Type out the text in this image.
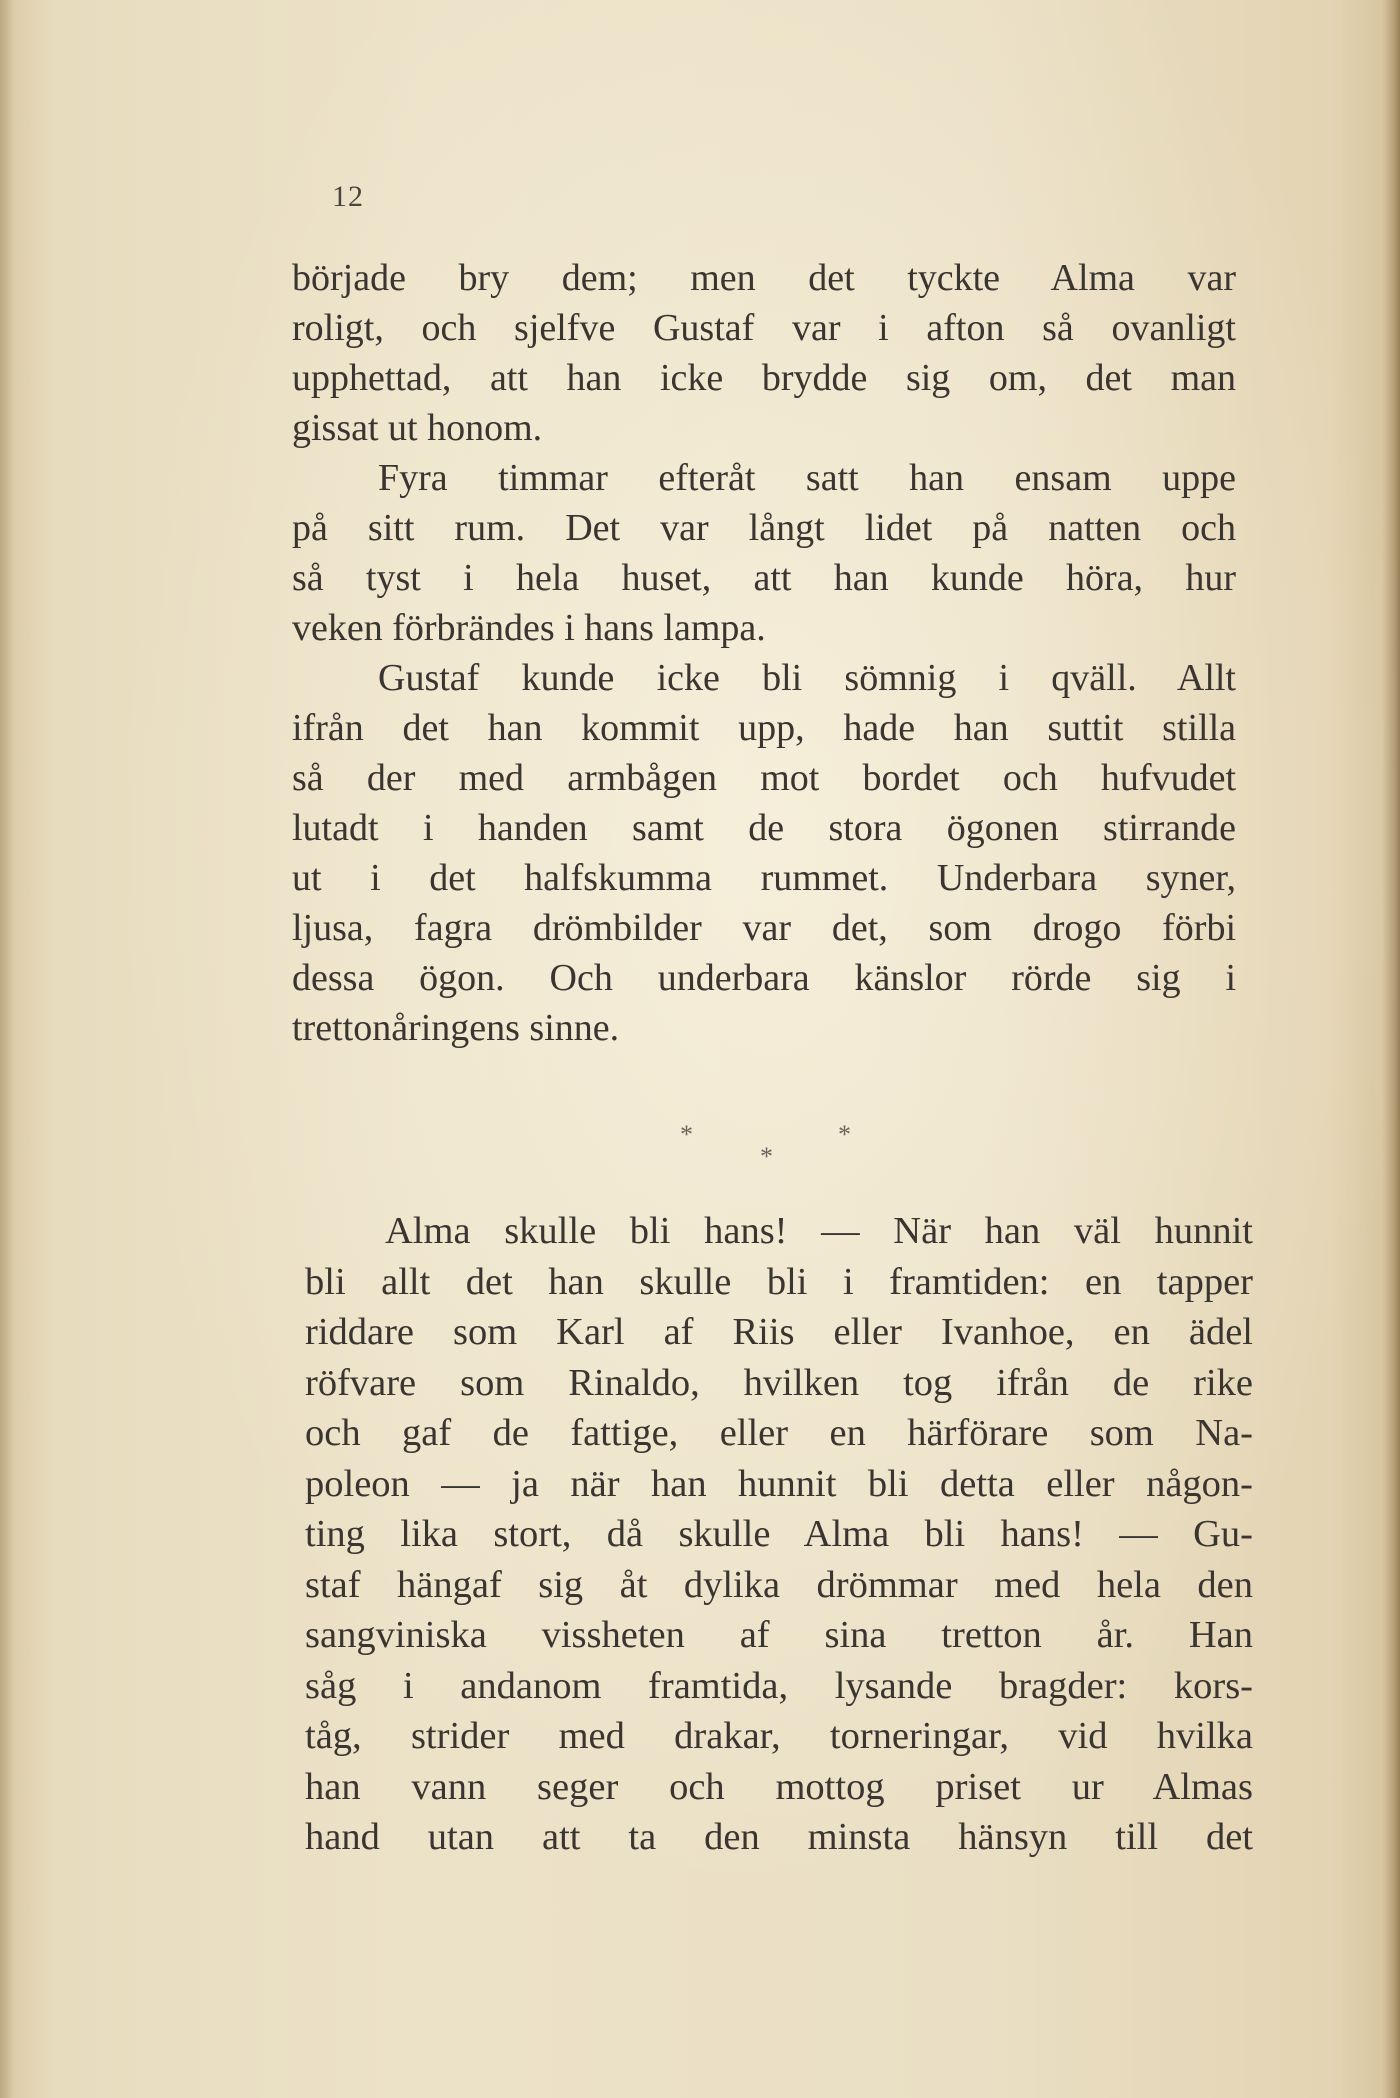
12
började bry dem; men det tyckte Alma var
roligt, och sjelfve Gustaf var i afton så ovanligt
upphettad, att han icke brydde sig om, det man
gissat ut honom.
Fyra timmar efteråt satt han ensam uppe
på sitt rum. Det var långt lidet på natten och
så tyst i hela huset, att han kunde höra, hur
veken förbrändes i hans lampa.
Gustaf kunde icke bli sömnig i qväll. Allt
ifrån det han kommit upp, hade han suttit stilla
så der med armbågen mot bordet och hufvudet
lutadt i handen samt de stora ögonen stirrande
ut i det halfskumma rummet. Underbara syner,
ljusa, fagra drömbilder var det, som drogo förbi
dessa ögon. Och underbara känslor rörde sig i
trettonåringens sinne.
*	*
*
Alma skulle bli hans! — När han väl hunnit
bli allt det han skulle bli i framtiden: en tapper
riddare som Karl af Riis eller Ivanhoe, en ädel
röfvare som Rinaldo, hvilken tog ifrån de rike
och gaf de fattige, eller en härförare som Na-
poleon — ja när han hunnit bli detta eller någon-
ting lika stort, då skulle Alma bli hans! — Gu-
staf hängaf sig åt dylika drömmar med hela den
sangviniska vissheten af sina tretton år. Han
såg i andanom framtida, lysande bragder: kors-
tåg, strider med drakar, torneringar, vid hvilka
han vann seger och mottog priset ur Almas
hand utan att ta den minsta hänsyn till det
